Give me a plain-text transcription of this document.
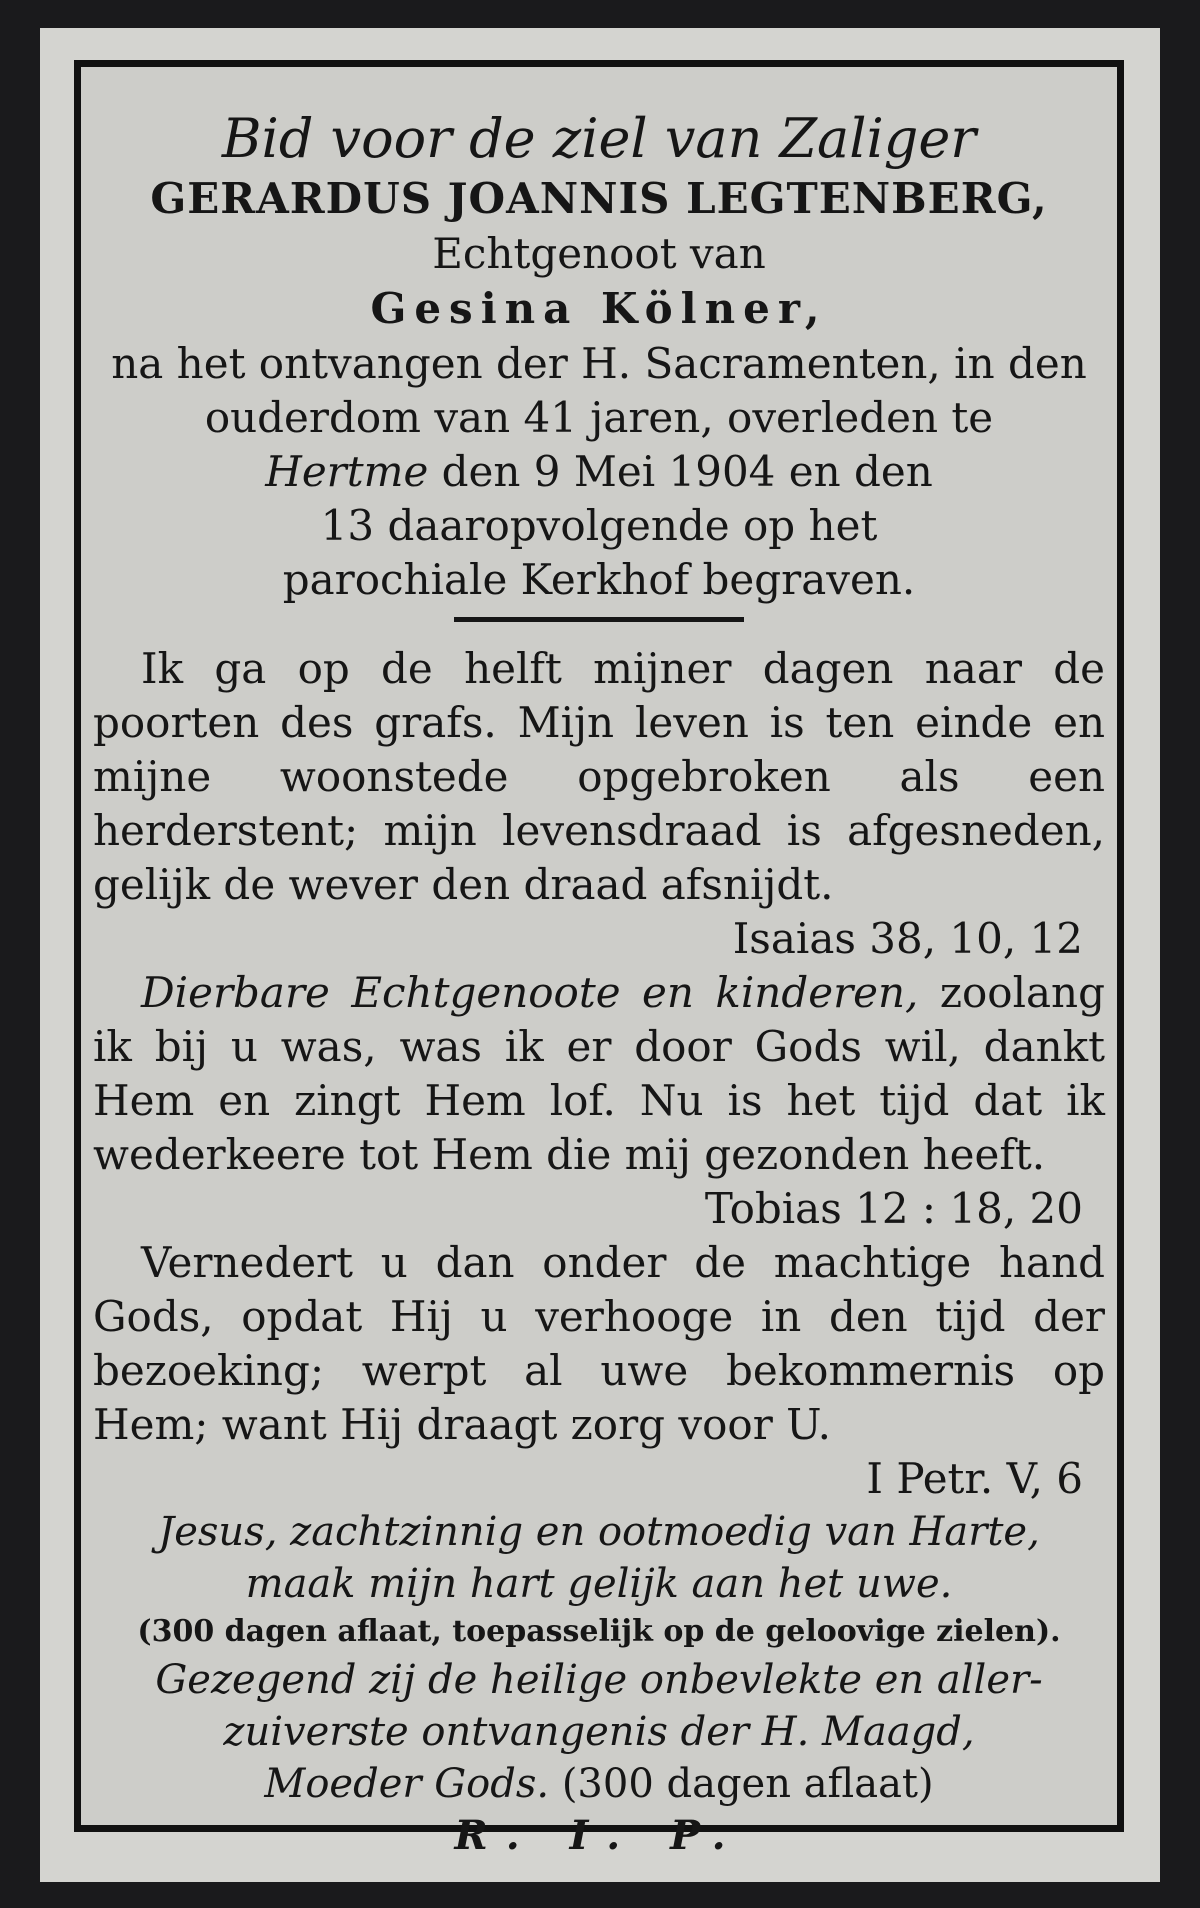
Bid voor de ziel van Zaliger
GERARDUS JOANNIS LEGTENBERG,
Echtgenoot van
Gesina Kölner,
na het ontvangen der H. Sacramenten, in den
ouderdom van 41 jaren, overleden te
Hertme den 9 Mei 1904 en den
13 daaropvolgende op het
parochiale Kerkhof begraven.
Ik ga op de helft mijner dagen naar de poorten des grafs. Mijn leven is ten einde en mijne woonstede opgebroken als een herderstent; mijn levensdraad is afgesneden, gelijk de wever den draad afsnijdt.
Isaias 38, 10, 12
Dierbare Echtgenoote en kinderen, zoolang ik bij u was, was ik er door Gods wil, dankt Hem en zingt Hem lof. Nu is het tijd dat ik wederkeere tot Hem die mij gezonden heeft.
Tobias 12 : 18, 20
Vernedert u dan onder de machtige hand Gods, opdat Hij u verhooge in den tijd der bezoeking; werpt al uwe bekommernis op Hem; want Hij draagt zorg voor U.
I Petr. V, 6
Jesus, zachtzinnig en ootmoedig van Harte,
maak mijn hart gelijk aan het uwe.
(300 dagen aflaat, toepasselijk op de geloovige zielen).
Gezegend zij de heilige onbevlekte en aller-
zuiverste ontvangenis der H. Maagd,
Moeder Gods. (300 dagen aflaat)
R. I. P.
